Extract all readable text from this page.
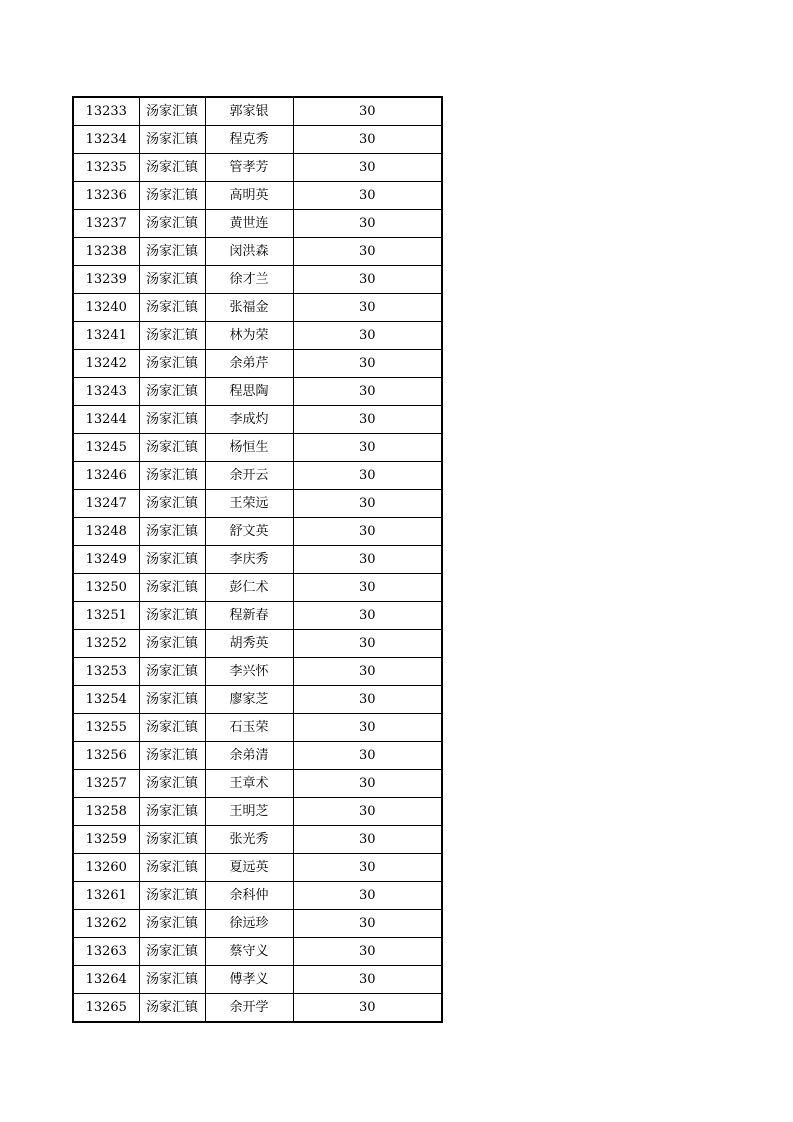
13233	汤家汇镇	郭家银	30
13234	汤家汇镇	程克秀	30
13235	汤家汇镇	管孝芳	30
13236	汤家汇镇	高明英	30
13237	汤家汇镇	黄世连	30
13238	汤家汇镇	闵洪森	30
13239	汤家汇镇	徐才兰	30
13240	汤家汇镇	张福金	30
13241	汤家汇镇	林为荣	30
13242	汤家汇镇	余弟芹	30
13243	汤家汇镇	程思陶	30
13244	汤家汇镇	李成灼	30
13245	汤家汇镇	杨恒生	30
13246	汤家汇镇	余开云	30
13247	汤家汇镇	王荣远	30
13248	汤家汇镇	舒文英	30
13249	汤家汇镇	李庆秀	30
13250	汤家汇镇	彭仁术	30
13251	汤家汇镇	程新春	30
13252	汤家汇镇	胡秀英	30
13253	汤家汇镇	李兴怀	30
13254	汤家汇镇	廖家芝	30
13255	汤家汇镇	石玉荣	30
13256	汤家汇镇	余弟清	30
13257	汤家汇镇	王章术	30
13258	汤家汇镇	王明芝	30
13259	汤家汇镇	张光秀	30
13260	汤家汇镇	夏远英	30
13261	汤家汇镇	余科仲	30
13262	汤家汇镇	徐远珍	30
13263	汤家汇镇	蔡守义	30
13264	汤家汇镇	傅孝义	30
13265	汤家汇镇	余开学	30
